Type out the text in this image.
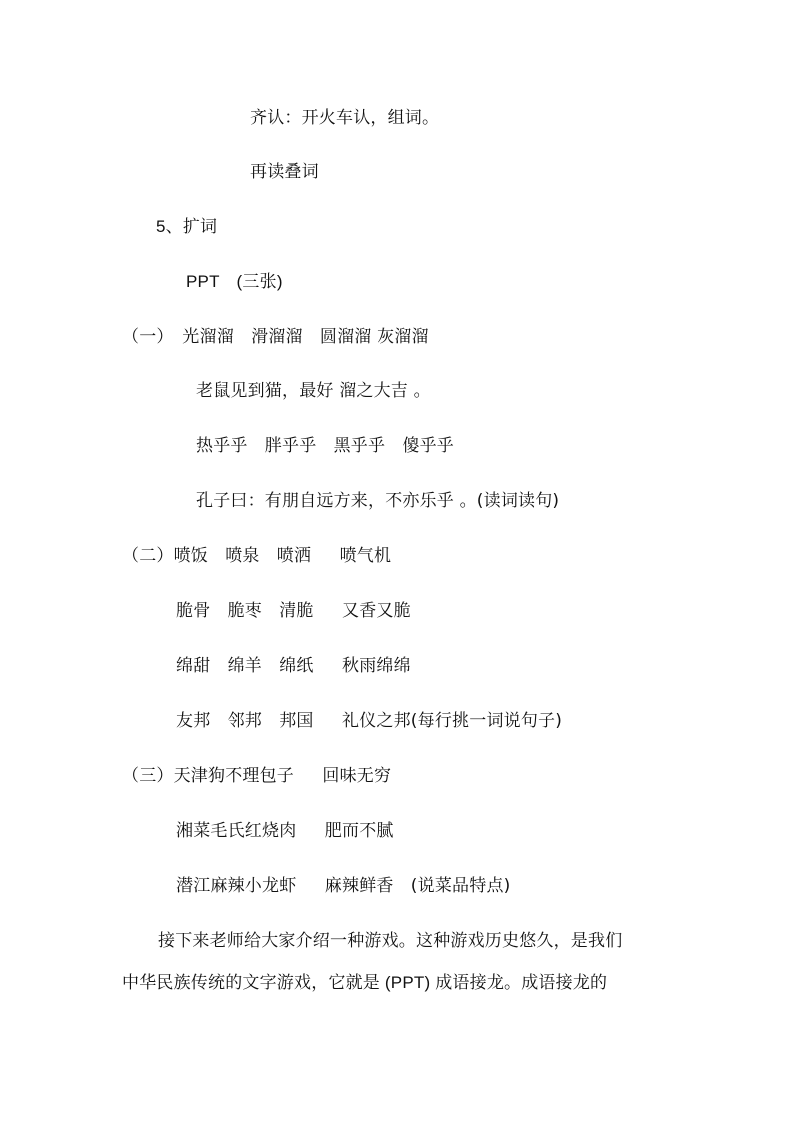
齐认：开火车认，组词。
再读叠词
5、扩词
PPT　(三张)
（一）　光溜溜　滑溜溜　圆溜溜 灰溜溜
老鼠见到猫，最好 溜之大吉 。
热乎乎　胖乎乎　黑乎乎　傻乎乎
孔子曰：有朋自远方来，不亦乐乎 。(读词读句)
（二）喷饭　喷泉　喷洒　  喷气机
脆骨　脆枣　清脆　  又香又脆
绵甜　绵羊　绵纸　  秋雨绵绵
友邦　邻邦　邦国　  礼仪之邦(每行挑一词说句子)
（三）天津狗不理包子　  回味无穷
湘菜毛氏红烧肉　  肥而不腻
潜江麻辣小龙虾　  麻辣鲜香　(说菜品特点)
接下来老师给大家介绍一种游戏。这种游戏历史悠久，是我们
中华民族传统的文字游戏，它就是 (PPT) 成语接龙。成语接龙的
